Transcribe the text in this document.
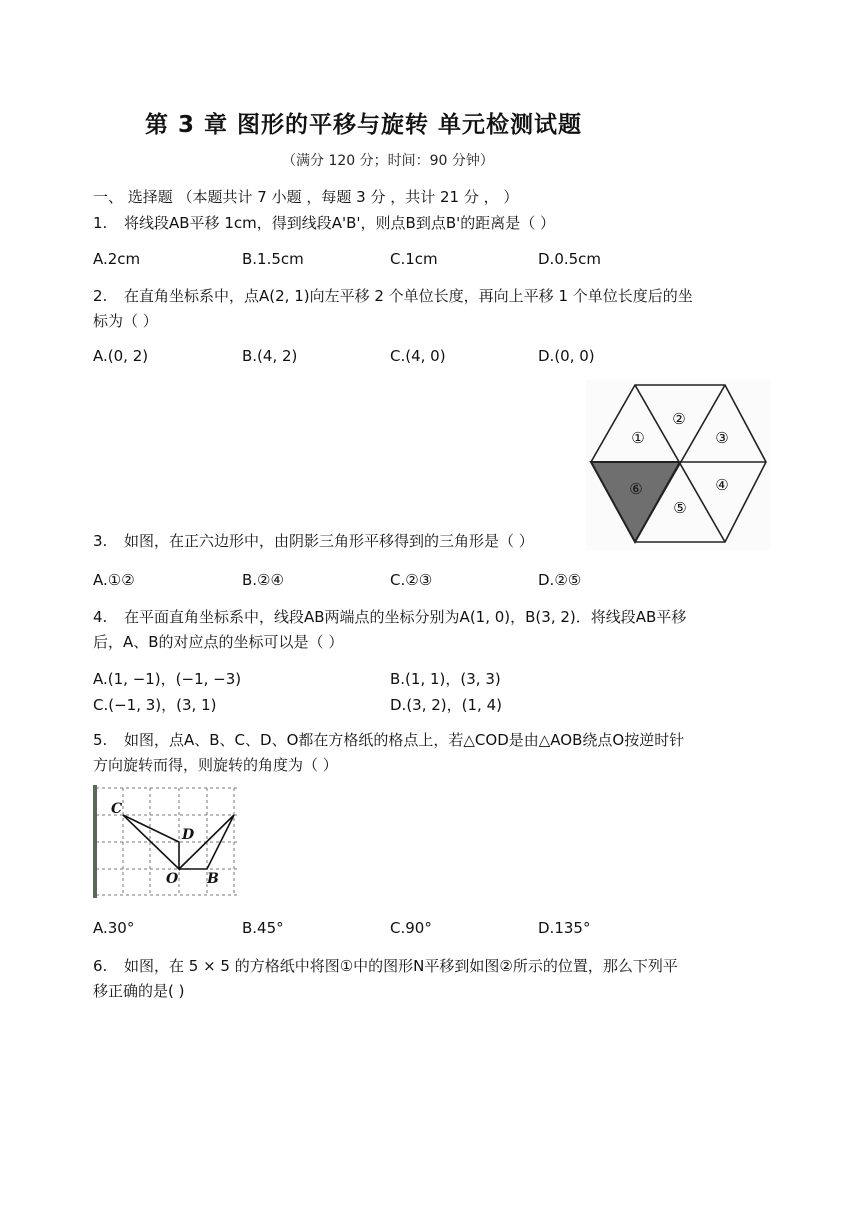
第 3 章 图形的平移与旋转 单元检测试题
（满分 120 分；时间：90 分钟）
一、 选择题 （本题共计 7 小题 ，每题 3 分 ，共计 21 分 ， ）
1. 将线段AB平移 1cm，得到线段A'B'，则点B到点B'的距离是（ ）
A.2cm	B.1.5cm	C.1cm	D.0.5cm
2. 在直角坐标系中，点A(2, 1)向左平移 2 个单位长度，再向上平移 1 个单位长度后的坐
标为（ ）
A.(0, 2)	B.(4, 2)	C.(4, 0)	D.(0, 0)
①
②
③
④
⑤
⑥
3. 如图，在正六边形中，由阴影三角形平移得到的三角形是（ ）
A.①②	B.②④	C.②③	D.②⑤
4. 在平面直角坐标系中，线段AB两端点的坐标分别为A(1, 0)，B(3, 2)．将线段AB平移
后，A、B的对应点的坐标可以是（ ）
A.(1, −1)，(−1, −3)	B.(1, 1)，(3, 3)
C.(−1, 3)，(3, 1)	D.(3, 2)，(1, 4)
5. 如图，点A、B、C、D、O都在方格纸的格点上，若△COD是由△AOB绕点O按逆时针
方向旋转而得，则旋转的角度为（ ）
C
D
O B
A.30°	B.45°	C.90°	D.135°
6. 如图，在 5 × 5 的方格纸中将图①中的图形N平移到如图②所示的位置，那么下列平
移正确的是( )
